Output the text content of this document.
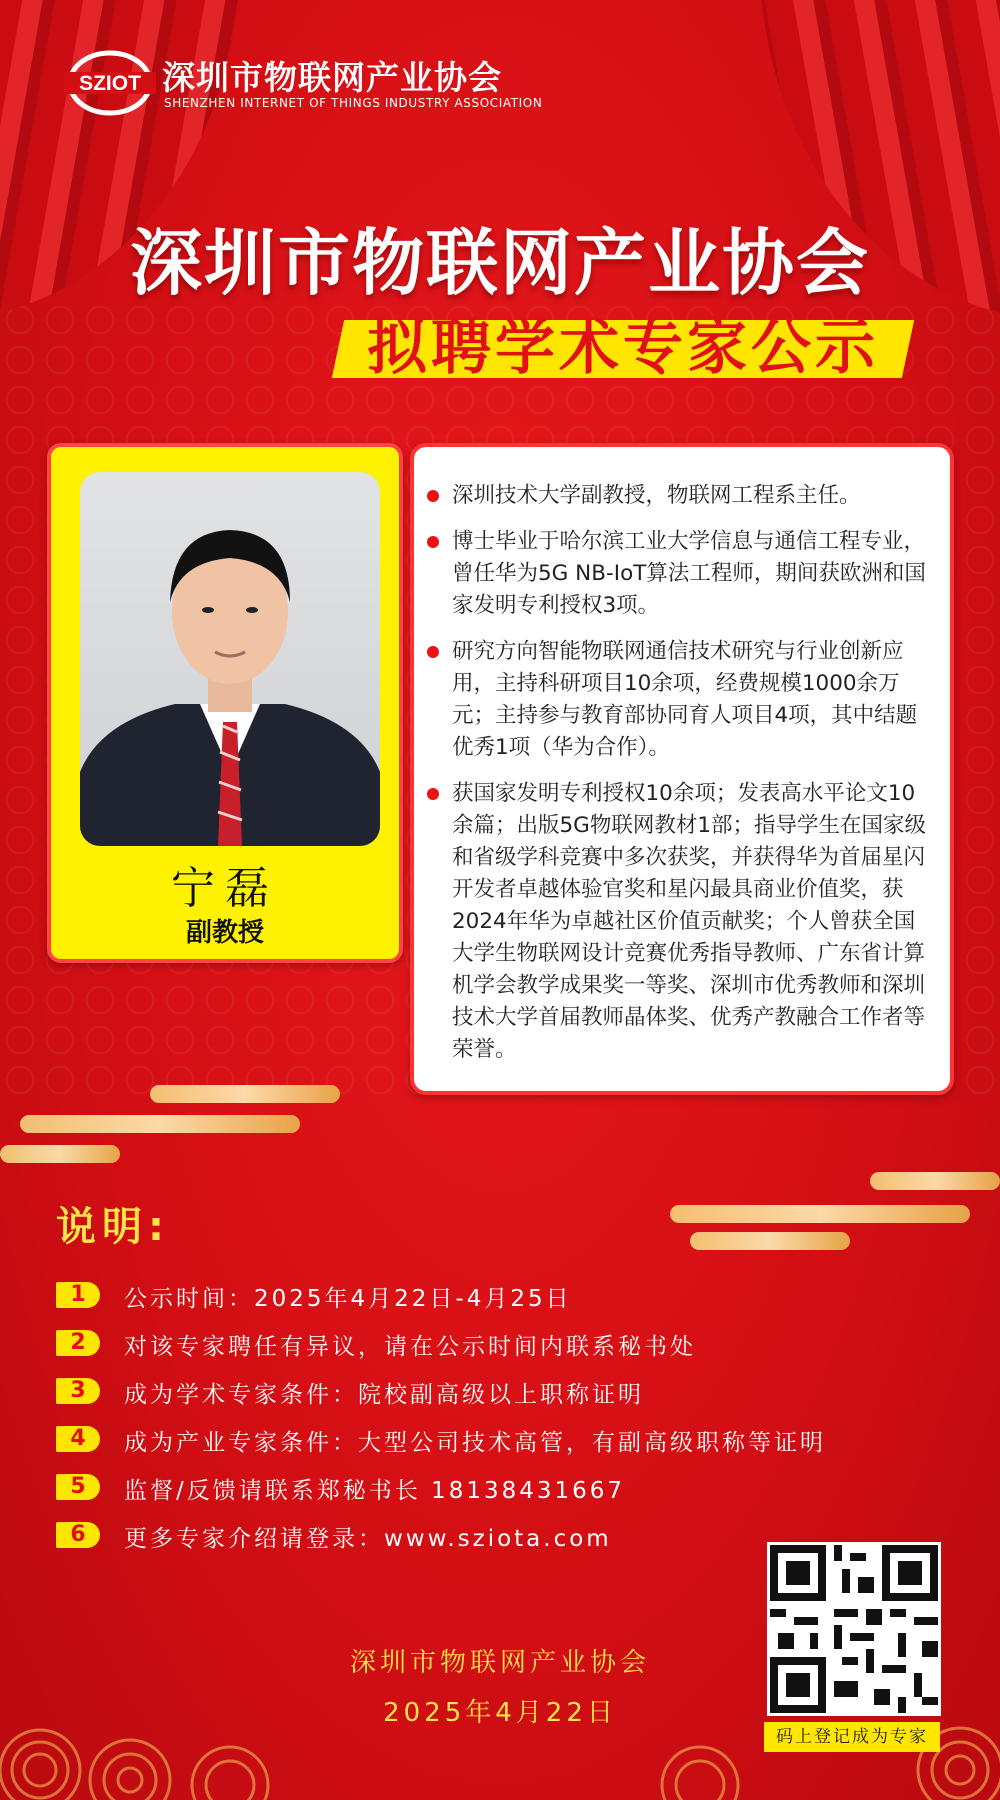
SZIOT 深圳市物联网产业协会
SHENZHEN INTERNET OF THINGS INDUSTRY ASSOCIATION
深圳市物联网产业协会
拟聘学术专家公示
宁磊
副教授
深圳技术大学副教授，物联网工程系主任。
博士毕业于哈尔滨工业大学信息与通信工程专业，曾任华为5G NB-IoT算法工程师，期间获欧洲和国家发明专利授权3项。
研究方向智能物联网通信技术研究与行业创新应用，主持科研项目10余项，经费规模1000余万元；主持参与教育部协同育人项目4项，其中结题优秀1项（华为合作）。
获国家发明专利授权10余项；发表高水平论文10余篇；出版5G物联网教材1部；指导学生在国家级和省级学科竞赛中多次获奖，并获得华为首届星闪开发者卓越体验官奖和星闪最具商业价值奖，获2024年华为卓越社区价值贡献奖；个人曾获全国大学生物联网设计竞赛优秀指导教师、广东省计算机学会教学成果奖一等奖、深圳市优秀教师和深圳技术大学首届教师晶体奖、优秀产教融合工作者等荣誉。
说明:
1	公示时间：2025年4月22日-4月25日
2	对该专家聘任有异议，请在公示时间内联系秘书处
3	成为学术专家条件：院校副高级以上职称证明
4	成为产业专家条件：大型公司技术高管，有副高级职称等证明
5	监督/反馈请联系郑秘书长 18138431667
6	更多专家介绍请登录：www.sziota.com
深圳市物联网产业协会
2025年4月22日
码上登记成为专家
